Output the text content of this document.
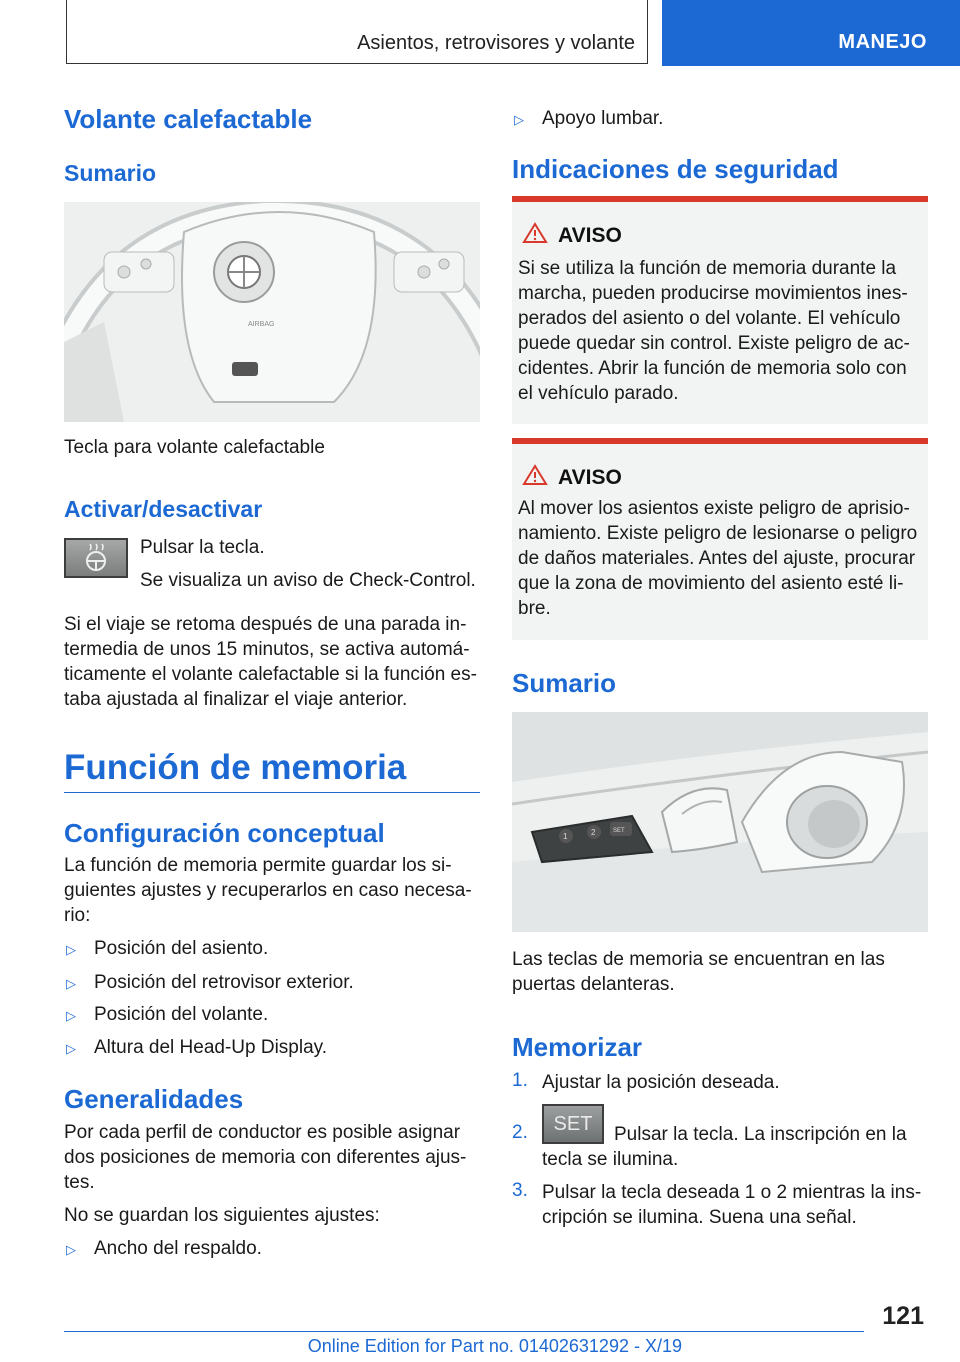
Asientos, retrovisores y volante	MANEJO
Volante calefactable
Sumario
AIRBAG
Tecla para volante calefactable
Activar/desactivar
Pulsar la tecla.
Se visualiza un aviso de Check-Control.
Si el viaje se retoma después de una parada in-
termedia de unos 15 minutos, se activa automá-
ticamente el volante calefactable si la función es-
taba ajustada al finalizar el viaje anterior.
Función de memoria
Configuración conceptual
La función de memoria permite guardar los si-
guientes ajustes y recuperarlos en caso necesa-
rio:
▷ Posición del asiento.
▷ Posición del retrovisor exterior.
▷ Posición del volante.
▷ Altura del Head-Up Display.
Generalidades
Por cada perfil de conductor es posible asignar
dos posiciones de memoria con diferentes ajus-
tes.
No se guardan los siguientes ajustes:
▷ Ancho del respaldo.
▷ Apoyo lumbar.
Indicaciones de seguridad
AVISO
Si se utiliza la función de memoria durante la
marcha, pueden producirse movimientos ines-
perados del asiento o del volante. El vehículo
puede quedar sin control. Existe peligro de ac-
cidentes. Abrir la función de memoria solo con
el vehículo parado.
AVISO
Al mover los asientos existe peligro de aprisio-
namiento. Existe peligro de lesionarse o peligro
de daños materiales. Antes del ajuste, procurar
que la zona de movimiento del asiento esté li-
bre.
Sumario
1	2	SET
Las teclas de memoria se encuentran en las
puertas delanteras.
Memorizar
1. Ajustar la posición deseada.
2.	SET	Pulsar la tecla. La inscripción en la
tecla se ilumina.
3. Pulsar la tecla deseada 1 o 2 mientras la ins-
cripción se ilumina. Suena una señal.
121
Online Edition for Part no. 01402631292 - X/19
